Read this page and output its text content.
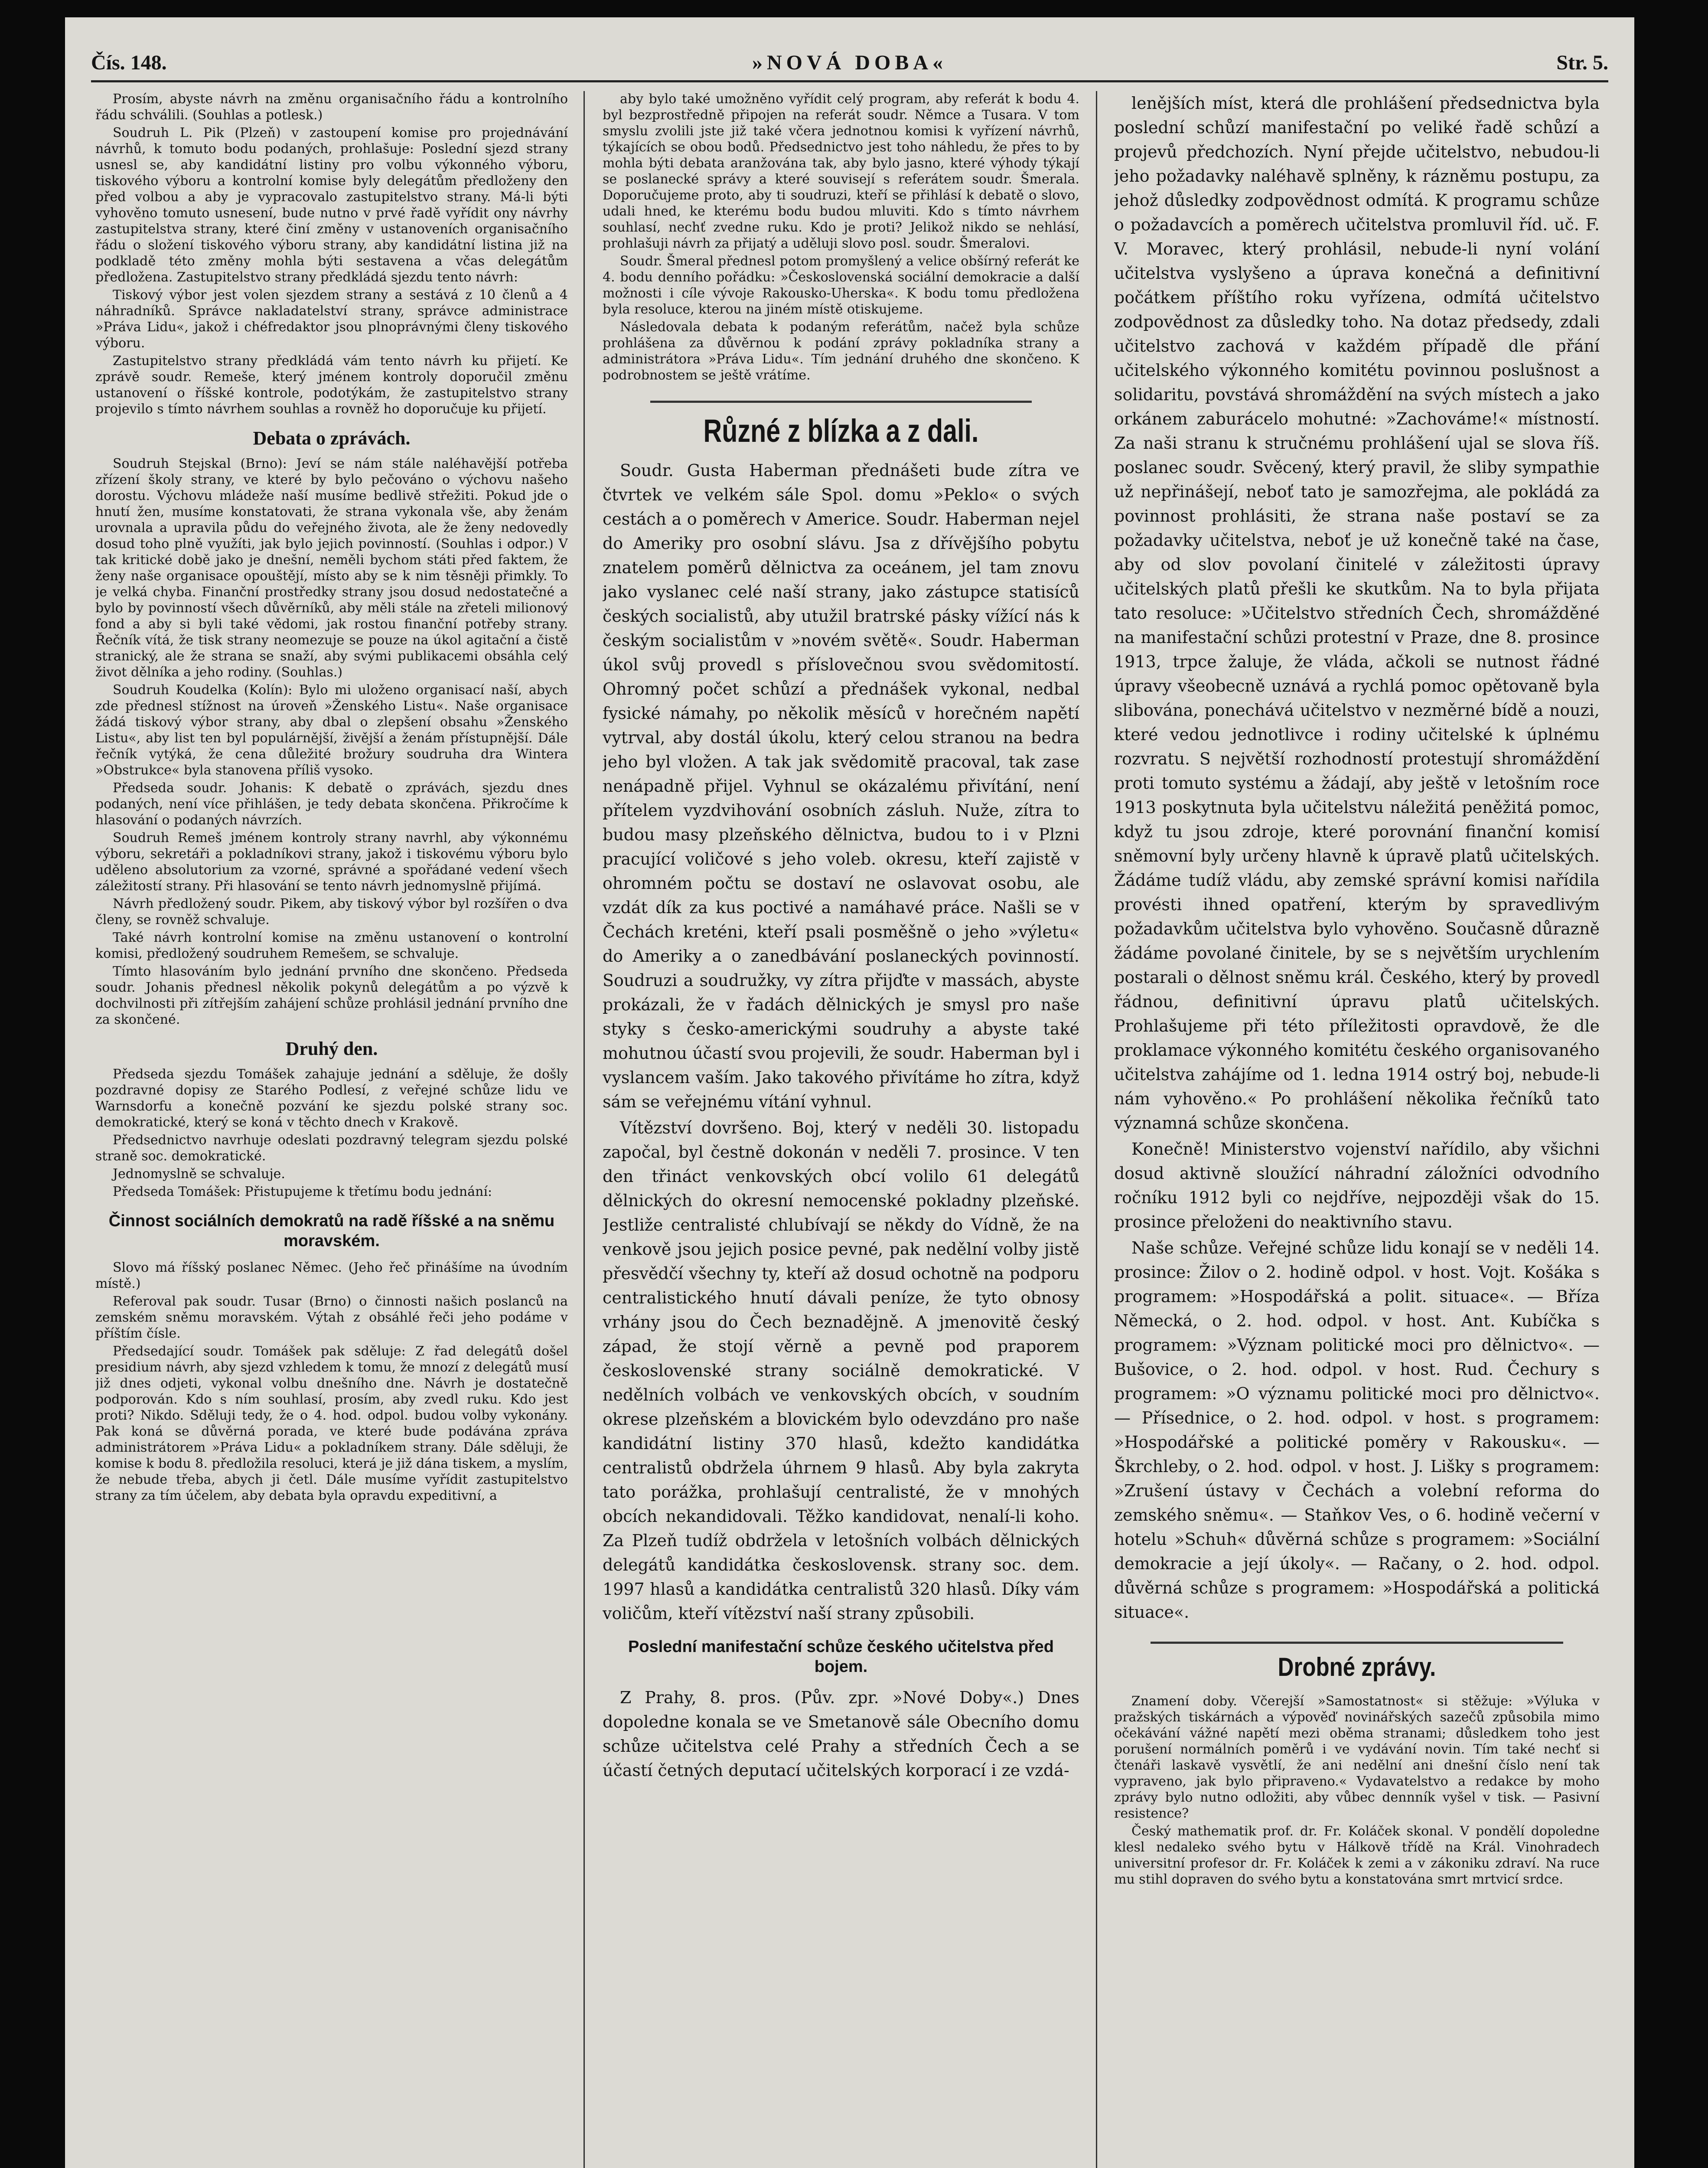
Čís. 148.	»NOVÁ DOBA«	Str. 5.

Prosím, abyste návrh na změnu organisačního řádu a kontrolního řádu schválili. (Souhlas a potlesk.)

Soudruh L. Pik (Plzeň) v zastoupení komise pro projednávání návrhů, k tomuto bodu podaných, prohlašuje: Poslední sjezd strany usnesl se, aby kandidátní listiny pro volbu výkonného výboru, tiskového výboru a kontrolní komise byly delegátům předloženy den před volbou a aby je vypracovalo zastupitelstvo strany. Má-li býti vyhověno tomuto usnesení, bude nutno v prvé řadě vyřídit ony návrhy zastupitelstva strany, které činí změny v ustanoveních organisačního řádu o složení tiskového výboru strany, aby kandidátní listina již na podkladě této změny mohla býti sestavena a včas delegátům předložena. Zastupitelstvo strany předkládá sjezdu tento návrh:

Tiskový výbor jest volen sjezdem strany a sestává z 10 členů a 4 náhradníků. Správce nakladatelství strany, správce administrace »Práva Lidu«, jakož i chéfredaktor jsou plnoprávnými členy tiskového výboru.

Zastupitelstvo strany předkládá vám tento návrh ku přijetí. Ke zprávě soudr. Remeše, který jménem kontroly doporučil změnu ustanovení o říšské kontrole, podotýkám, že zastupitelstvo strany projevilo s tímto návrhem souhlas a rovněž ho doporučuje ku přijetí.

Debata o zprávách.

Soudruh Stejskal (Brno): Jeví se nám stále naléhavější potřeba zřízení školy strany, ve které by bylo pečováno o výchovu našeho dorostu. Výchovu mládeže naší musíme bedlivě střežiti. Pokud jde o hnutí žen, musíme konstatovati, že strana vykonala vše, aby ženám urovnala a upravila půdu do veřejného života, ale že ženy nedovedly dosud toho plně využíti, jak bylo jejich povinností. (Souhlas i odpor.) V tak kritické době jako je dnešní, neměli bychom státi před faktem, že ženy naše organisace opouštějí, místo aby se k nim těsněji přimkly. To je velká chyba. Finanční prostředky strany jsou dosud nedostatečné a bylo by povinností všech důvěrníků, aby měli stále na zřeteli milionový fond a aby si byli také vědomi, jak rostou finanční potřeby strany. Řečník vítá, že tisk strany neomezuje se pouze na úkol agitační a čistě stranický, ale že strana se snaží, aby svými publikacemi obsáhla celý život dělníka a jeho rodiny. (Souhlas.)

Soudruh Koudelka (Kolín): Bylo mi uloženo organisací naší, abych zde přednesl stížnost na úroveň »Ženského Listu«. Naše organisace žádá tiskový výbor strany, aby dbal o zlepšení obsahu »Ženského Listu«, aby list ten byl populárnější, živější a ženám přístupnější. Dále řečník vytýká, že cena důležité brožury soudruha dra Wintera »Obstrukce« byla stanovena příliš vysoko.

Předseda soudr. Johanis: K debatě o zprávách, sjezdu dnes podaných, není více přihlášen, je tedy debata skončena. Přikročíme k hlasování o podaných návrzích.

Soudruh Remeš jménem kontroly strany navrhl, aby výkonnému výboru, sekretáři a pokladníkovi strany, jakož i tiskovému výboru bylo uděleno absolutorium za vzorné, správné a spořádané vedení všech záležitostí strany. Při hlasování se tento návrh jednomyslně přijímá.

Návrh předložený soudr. Pikem, aby tiskový výbor byl rozšířen o dva členy, se rovněž schvaluje.

Také návrh kontrolní komise na změnu ustanovení o kontrolní komisi, předložený soudruhem Remešem, se schvaluje.

Tímto hlasováním bylo jednání prvního dne skončeno. Předseda soudr. Johanis přednesl několik pokynů delegátům a po výzvě k dochvilnosti při zítřejším zahájení schůze prohlásil jednání prvního dne za skončené.

Druhý den.

Předseda sjezdu Tomášek zahajuje jednání a sděluje, že došly pozdravné dopisy ze Starého Podlesí, z veřejné schůze lidu ve Warnsdorfu a konečně pozvání ke sjezdu polské strany soc. demokratické, který se koná v těchto dnech v Krakově.

Předsednictvo navrhuje odeslati pozdravný telegram sjezdu polské straně soc. demokratické.

Jednomyslně se schvaluje.

Předseda Tomášek: Přistupujeme k třetímu bodu jednání:

Činnost sociálních demokratů na radě říšské a na sněmu moravském.

Slovo má říšský poslanec Němec. (Jeho řeč přinášíme na úvodním místě.)

Referoval pak soudr. Tusar (Brno) o činnosti našich poslanců na zemském sněmu moravském. Výtah z obsáhlé řeči jeho podáme v příštím čísle.

Předsedající soudr. Tomášek pak sděluje: Z řad delegátů došel presidium návrh, aby sjezd vzhledem k tomu, že mnozí z delegátů musí již dnes odjeti, vykonal volbu dnešního dne. Návrh je dostatečně podporován. Kdo s ním souhlasí, prosím, aby zvedl ruku. Kdo jest proti? Nikdo. Sděluji tedy, že o 4. hod. odpol. budou volby vykonány. Pak koná se důvěrná porada, ve které bude podávána zpráva administrátorem »Práva Lidu« a pokladníkem strany. Dále sděluji, že komise k bodu 8. předložila resoluci, která je již dána tiskem, a myslím, že nebude třeba, abych ji četl. Dále musíme vyřídit zastupitelstvo strany za tím účelem, aby debata byla opravdu expeditivní, a

aby bylo také umožněno vyřídit celý program, aby referát k bodu 4. byl bezprostředně připojen na referát soudr. Němce a Tusara. V tom smyslu zvolili jste již také včera jednotnou komisi k vyřízení návrhů, týkajících se obou bodů. Předsednictvo jest toho náhledu, že přes to by mohla býti debata aranžována tak, aby bylo jasno, které výhody týkají se poslanecké správy a které souvisejí s referátem soudr. Šmerala. Doporučujeme proto, aby ti soudruzi, kteří se přihlásí k debatě o slovo, udali hned, ke kterému bodu budou mluviti. Kdo s tímto návrhem souhlasí, nechť zvedne ruku. Kdo je proti? Jelikož nikdo se nehlásí, prohlašuji návrh za přijatý a uděluji slovo posl. soudr. Šmeralovi.

Soudr. Šmeral přednesl potom promyšlený a velice obšírný referát ke 4. bodu denního pořádku: »Československá sociální demokracie a další možnosti i cíle vývoje Rakousko-Uherska«. K bodu tomu předložena byla resoluce, kterou na jiném místě otiskujeme.

Následovala debata k podaným referátům, načež byla schůze prohlášena za důvěrnou k podání zprávy pokladníka strany a administrátora »Práva Lidu«. Tím jednání druhého dne skončeno. K podrobnostem se ještě vrátíme.

Různé z blízka a z dali.

Soudr. Gusta Haberman přednášeti bude zítra ve čtvrtek ve velkém sále Spol. domu »Peklo« o svých cestách a o poměrech v Americe. Soudr. Haberman nejel do Ameriky pro osobní slávu. Jsa z dřívějšího pobytu znatelem poměrů dělnictva za oceánem, jel tam znovu jako vyslanec celé naší strany, jako zástupce statisíců českých socialistů, aby utužil bratrské pásky vížící nás k českým socialistům v »novém světě«. Soudr. Haberman úkol svůj provedl s příslovečnou svou svědomitostí. Ohromný počet schůzí a přednášek vykonal, nedbal fysické námahy, po několik měsíců v horečném napětí vytrval, aby dostál úkolu, který celou stranou na bedra jeho byl vložen. A tak jak svědomitě pracoval, tak zase nenápadně přijel. Vyhnul se okázalému přivítání, není přítelem vyzdvihování osobních zásluh. Nuže, zítra to budou masy plzeňského dělnictva, budou to i v Plzni pracující voličové s jeho voleb. okresu, kteří zajistě v ohromném počtu se dostaví ne oslavovat osobu, ale vzdát dík za kus poctivé a namáhavé práce. Našli se v Čechách kreténi, kteří psali posměšně o jeho »výletu« do Ameriky a o zanedbávání poslaneckých povinností. Soudruzi a soudružky, vy zítra přijďte v massách, abyste prokázali, že v řadách dělnických je smysl pro naše styky s česko-americkými soudruhy a abyste také mohutnou účastí svou projevili, že soudr. Haberman byl i vyslancem vaším. Jako takového přivítáme ho zítra, když sám se veřejnému vítání vyhnul.

Vítězství dovršeno. Boj, který v neděli 30. listopadu započal, byl čestně dokonán v neděli 7. prosince. V ten den třináct venkovských obcí volilo 61 delegátů dělnických do okresní nemocenské pokladny plzeňské. Jestliže centralisté chlubívají se někdy do Vídně, že na venkově jsou jejich posice pevné, pak nedělní volby jistě přesvědčí všechny ty, kteří až dosud ochotně na podporu centralistického hnutí dávali peníze, že tyto obnosy vrhány jsou do Čech beznadějně. A jmenovitě český západ, že stojí věrně a pevně pod praporem československé strany sociálně demokratické. V nedělních volbách ve venkovských obcích, v soudním okrese plzeňském a blovickém bylo odevzdáno pro naše kandidátní listiny 370 hlasů, kdežto kandidátka centralistů obdržela úhrnem 9 hlasů. Aby byla zakryta tato porážka, prohlašují centralisté, že v mnohých obcích nekandidovali. Těžko kandidovat, nenalí-li koho. Za Plzeň tudíž obdržela v letošních volbách dělnických delegátů kandidátka československ. strany soc. dem. 1997 hlasů a kandidátka centralistů 320 hlasů. Díky vám voličům, kteří vítězství naší strany způsobili.

Poslední manifestační schůze českého učitelstva před bojem.

Z Prahy, 8. pros. (Pův. zpr. »Nové Doby«.) Dnes dopoledne konala se ve Smetanově sále Obecního domu schůze učitelstva celé Prahy a středních Čech a se účastí četných deputací učitelských korporací i ze vzdá-

lenějších míst, která dle prohlášení předsednictva byla poslední schůzí manifestační po veliké řadě schůzí a projevů předchozích. Nyní přejde učitelstvo, nebudou-li jeho požadavky naléhavě splněny, k rázněmu postupu, za jehož důsledky zodpovědnost odmítá. K programu schůze o požadavcích a poměrech učitelstva promluvil říd. uč. F. V. Moravec, který prohlásil, nebude-li nyní volání učitelstva vyslyšeno a úprava konečná a definitivní počátkem příštího roku vyřízena, odmítá učitelstvo zodpovědnost za důsledky toho. Na dotaz předsedy, zdali učitelstvo zachová v každém případě dle přání učitelského výkonného komitétu povinnou poslušnost a solidaritu, povstává shromáždění na svých místech a jako orkánem zaburácelo mohutné: »Zachováme!« místností. Za naši stranu k stručnému prohlášení ujal se slova říš. poslanec soudr. Svěcený, který pravil, že sliby sympathie už nepřinášejí, neboť tato je samozřejma, ale pokládá za povinnost prohlásiti, že strana naše postaví se za požadavky učitelstva, neboť je už konečně také na čase, aby od slov povolaní činitelé v záležitosti úpravy učitelských platů přešli ke skutkům. Na to byla přijata tato resoluce: »Učitelstvo středních Čech, shromážděné na manifestační schůzi protestní v Praze, dne 8. prosince 1913, trpce žaluje, že vláda, ačkoli se nutnost řádné úpravy všeobecně uznává a rychlá pomoc opětovaně byla slibována, ponechává učitelstvo v nezměrné bídě a nouzi, které vedou jednotlivce i rodiny učitelské k úplnému rozvratu. S největší rozhodností protestují shromáždění proti tomuto systému a žádají, aby ještě v letošním roce 1913 poskytnuta byla učitelstvu náležitá peněžitá pomoc, když tu jsou zdroje, které porovnání finanční komisí sněmovní byly určeny hlavně k úpravě platů učitelských. Žádáme tudíž vládu, aby zemské správní komisi nařídila provésti ihned opatření, kterým by spravedlivým požadavkům učitelstva bylo vyhověno. Současně důrazně žádáme povolané činitele, by se s největším urychlením postarali o dělnost sněmu král. Českého, který by provedl řádnou, definitivní úpravu platů učitelských. Prohlašujeme při této příležitosti opravdově, že dle proklamace výkonného komitétu českého organisovaného učitelstva zahájíme od 1. ledna 1914 ostrý boj, nebude-li nám vyhověno.« Po prohlášení několika řečníků tato významná schůze skončena.

Konečně! Ministerstvo vojenství nařídilo, aby všichni dosud aktivně sloužící náhradní záložníci odvodního ročníku 1912 byli co nejdříve, nejpozději však do 15. prosince přeloženi do neaktivního stavu.

Naše schůze. Veřejné schůze lidu konají se v neděli 14. prosince: Žilov o 2. hodině odpol. v host. Vojt. Košáka s programem: »Hospodářská a polit. situace«. — Bříza Německá, o 2. hod. odpol. v host. Ant. Kubíčka s programem: »Význam politické moci pro dělnictvo«. — Bušovice, o 2. hod. odpol. v host. Rud. Čechury s programem: »O významu politické moci pro dělnictvo«. — Přísednice, o 2. hod. odpol. v host. s programem: »Hospodářské a politické poměry v Rakousku«. — Škrchleby, o 2. hod. odpol. v host. J. Lišky s programem: »Zrušení ústavy v Čechách a volební reforma do zemského sněmu«. — Staňkov Ves, o 6. hodině večerní v hotelu »Schuh« důvěrná schůze s programem: »Sociální demokracie a její úkoly«. — Račany, o 2. hod. odpol. důvěrná schůze s programem: »Hospodářská a politická situace«.

Drobné zprávy.

Znamení doby. Včerejší »Samostatnost« si stěžuje: »Výluka v pražských tiskárnách a výpověď novinářských sazečů způsobila mimo očekávání vážné napětí mezi oběma stranami; důsledkem toho jest porušení normálních poměrů i ve vydávání novin. Tím také nechť si čtenáři laskavě vysvětlí, že ani nedělní ani dnešní číslo není tak vypraveno, jak bylo připraveno.« Vydavatelstvo a redakce by moho zprávy bylo nutno odložiti, aby vůbec dennník vyšel v tisk. — Pasivní resistence?

Český mathematik prof. dr. Fr. Koláček skonal. V pondělí dopoledne klesl nedaleko svého bytu v Hálkově třídě na Král. Vinohradech universitní profesor dr. Fr. Koláček k zemi a v zákoniku zdraví. Na ruce mu stihl dopraven do svého bytu a konstatována smrt mrtvicí srdce.
